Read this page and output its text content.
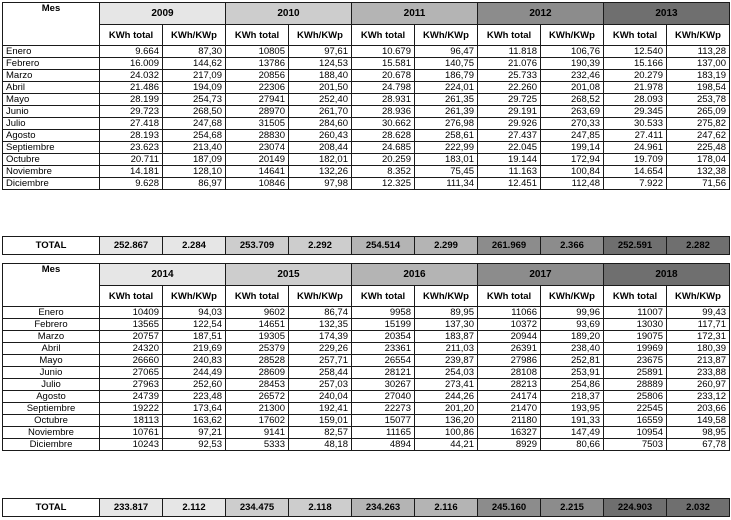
Mes	2009		2010		2011		2012		2013	
	KWh total	KWh/KWp	KWh total	KWh/KWp	KWh total	KWh/KWp	KWh total	KWh/KWp	KWh total	KWh/KWp
Enero	9.664	87,30	10805	97,61	10.679	96,47	11.818	106,76	12.540	113,28
Febrero	16.009	144,62	13786	124,53	15.581	140,75	21.076	190,39	15.166	137,00
Marzo	24.032	217,09	20856	188,40	20.678	186,79	25.733	232,46	20.279	183,19
Abril	21.486	194,09	22306	201,50	24.798	224,01	22.260	201,08	21.978	198,54
Mayo	28.199	254,73	27941	252,40	28.931	261,35	29.725	268,52	28.093	253,78
Junio	29.723	268,50	28970	261,70	28.936	261,39	29.191	263,69	29.345	265,09
Julio	27.418	247,68	31505	284,60	30.662	276,98	29.926	270,33	30.533	275,82
Agosto	28.193	254,68	28830	260,43	28.628	258,61	27.437	247,85	27.411	247,62
Septiembre	23.623	213,40	23074	208,44	24.685	222,99	22.045	199,14	24.961	225,48
Octubre	20.711	187,09	20149	182,01	20.259	183,01	19.144	172,94	19.709	178,04
Noviembre	14.181	128,10	14641	132,26	8.352	75,45	11.163	100,84	14.654	132,38
Diciembre	9.628	86,97	10846	97,98	12.325	111,34	12.451	112,48	7.922	71,56
TOTAL	252.867	2.284	253.709	2.292	254.514	2.299	261.969	2.366	252.591	2.282
Mes	2014		2015		2016		2017		2018	
	KWh total	KWh/KWp	KWh total	KWh/KWp	KWh total	KWh/KWp	KWh total	KWh/KWp	KWh total	KWh/KWp
Enero	10409	94,03	9602	86,74	9958	89,95	11066	99,96	11007	99,43
Febrero	13565	122,54	14651	132,35	15199	137,30	10372	93,69	13030	117,71
Marzo	20757	187,51	19305	174,39	20354	183,87	20944	189,20	19075	172,31
Abril	24320	219,69	25379	229,26	23361	211,03	26391	238,40	19969	180,39
Mayo	26660	240,83	28528	257,71	26554	239,87	27986	252,81	23675	213,87
Junio	27065	244,49	28609	258,44	28121	254,03	28108	253,91	25891	233,88
Julio	27963	252,60	28453	257,03	30267	273,41	28213	254,86	28889	260,97
Agosto	24739	223,48	26572	240,04	27040	244,26	24174	218,37	25806	233,12
Septiembre	19222	173,64	21300	192,41	22273	201,20	21470	193,95	22545	203,66
Octubre	18113	163,62	17602	159,01	15077	136,20	21180	191,33	16559	149,58
Noviembre	10761	97,21	9141	82,57	11165	100,86	16327	147,49	10954	98,95
Diciembre	10243	92,53	5333	48,18	4894	44,21	8929	80,66	7503	67,78
TOTAL	233.817	2.112	234.475	2.118	234.263	2.116	245.160	2.215	224.903	2.032
